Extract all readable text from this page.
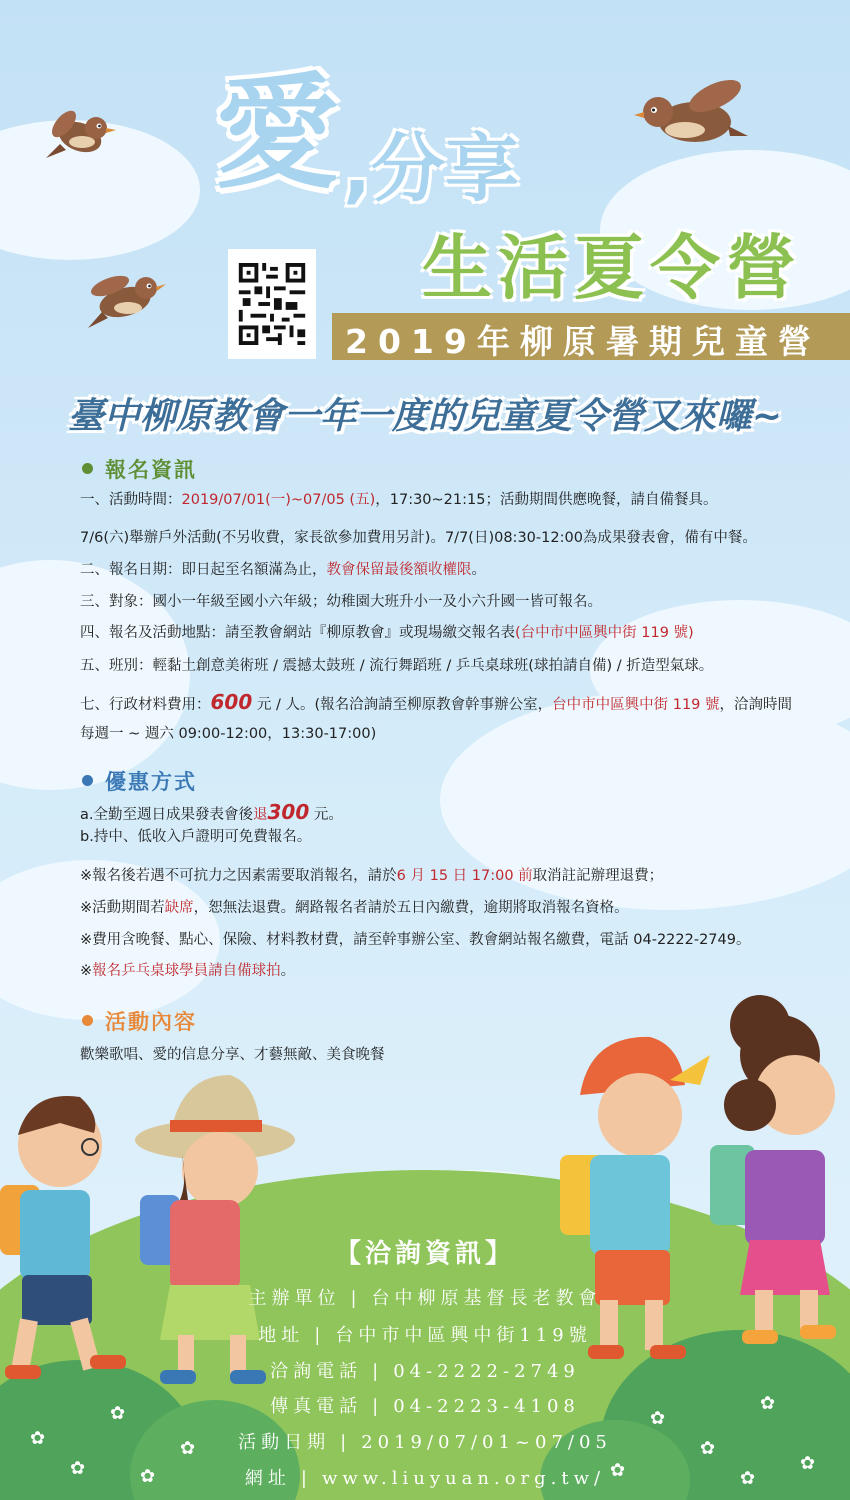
愛 ,分享
生活夏令營
2019年柳原暑期兒童營
臺中柳原教會一年一度的兒童夏令營又來囉~
報名資訊
一、活動時間：2019/07/01(一)~07/05 (五)，17:30~21:15；活動期間供應晚餐，請自備餐具。
7/6(六)舉辦戶外活動(不另收費，家長欲參加費用另計)。7/7(日)08:30-12:00為成果發表會，備有中餐。
二、報名日期：即日起至名額滿為止，教會保留最後額收權限。
三、對象：國小一年級至國小六年級；幼稚園大班升小一及小六升國一皆可報名。
四、報名及活動地點：請至教會網站『柳原教會』或現場繳交報名表(台中市中區興中街 119 號)
五、班別：輕黏土創意美術班 / 震撼太鼓班 / 流行舞蹈班 / 乒乓桌球班(球拍請自備) / 折造型氣球。
七、行政材料費用：600 元 / 人。(報名洽詢請至柳原教會幹事辦公室，台中市中區興中街 119 號，洽詢時間
每週一 ~ 週六 09:00-12:00，13:30-17:00)
優惠方式
a.全勤至週日成果發表會後退300 元。
b.持中、低收入戶證明可免費報名。
※報名後若遇不可抗力之因素需要取消報名，請於6 月 15 日 17:00 前取消註記辦理退費；
※活動期間若缺席，恕無法退費。網路報名者請於五日內繳費，逾期將取消報名資格。
※費用含晚餐、點心、保險、材料教材費，請至幹事辦公室、教會網站報名繳費，電話 04-2222-2749。
※報名乒乓桌球學員請自備球拍。
活動內容
歡樂歌唱、愛的信息分享、才藝無敵、美食晚餐
✿
✿	✿
✿
✿	✿
✿
✿
✿
✿
✿
【洽詢資訊】
主辦單位 | 台中柳原基督長老教會
地址 | 台中市中區興中街119號
洽詢電話 | 04-2222-2749
傳真電話 | 04-2223-4108
活動日期 | 2019/07/01~07/05
網址 | www.liuyuan.org.tw/
